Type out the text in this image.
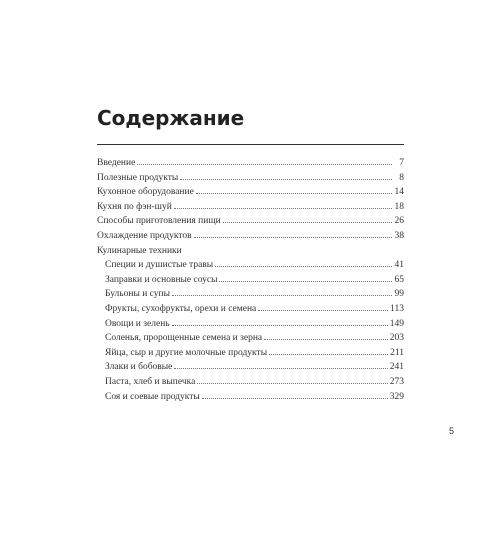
Содержание
Введение	7
Полезные продукты	8
Кухонное оборудование	14
Кухня по фэн-шуй	18
Способы приготовления пищи	26
Охлаждение продуктов	38
Кулинарные техники
Специи и душистые травы	41
Заправки и основные соусы	65
Бульоны и супы	99
Фрукты, сухофрукты, орехи и семена	113
Овощи и зелень	149
Соленья, пророщенные семена и зерна	203
Яйца, сыр и другие молочные продукты	211
Злаки и бобовые	241
Паста, хлеб и выпечка	273
Соя и соевые продукты	329
5
